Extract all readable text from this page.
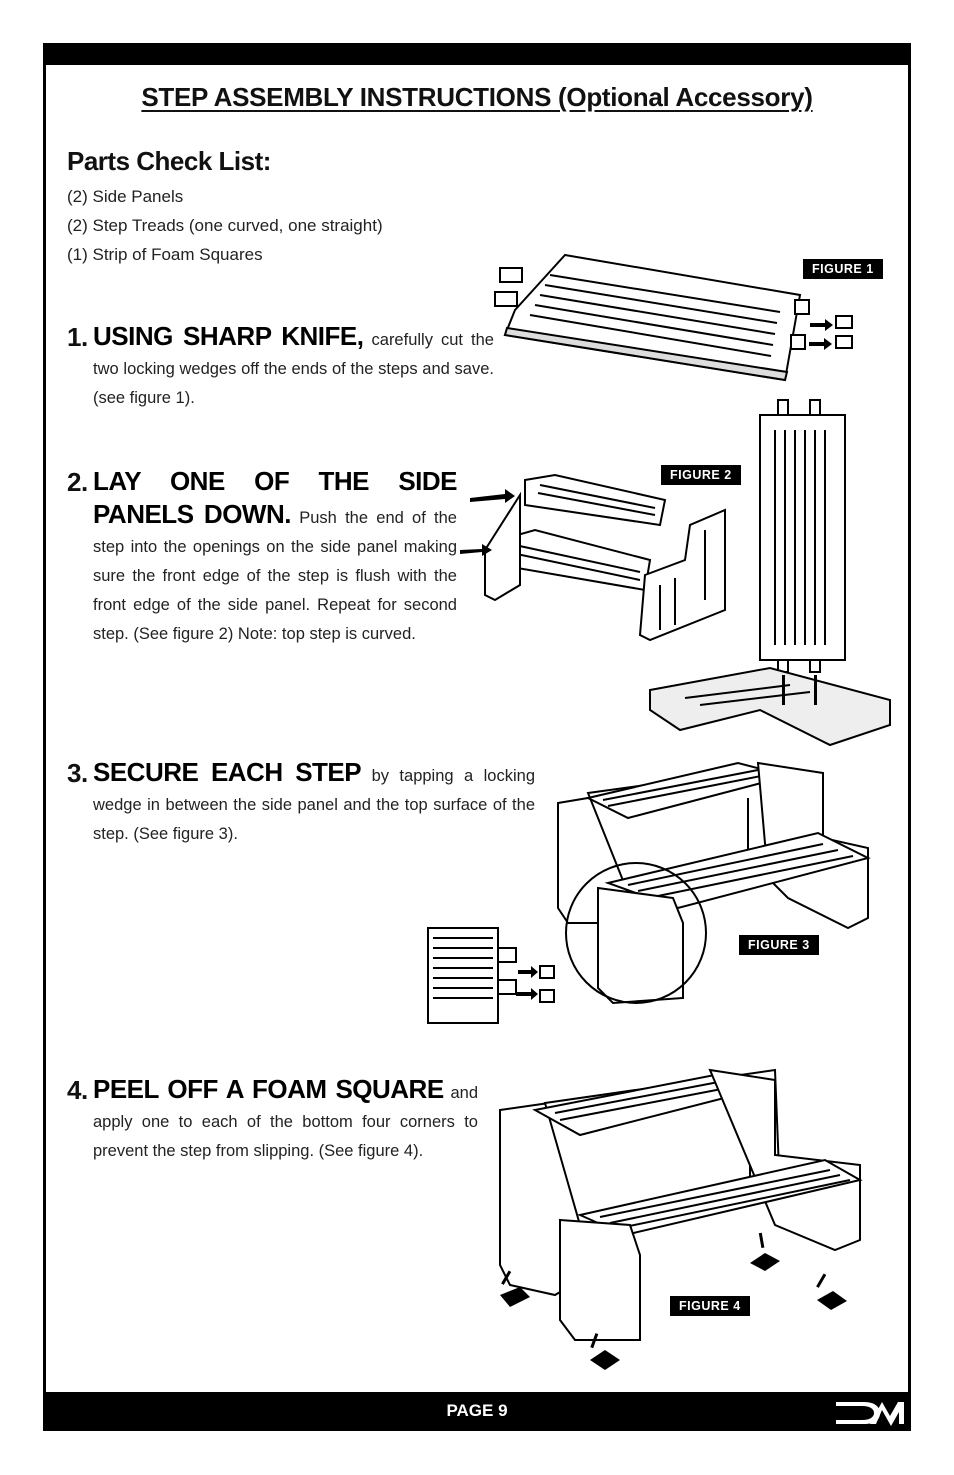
STEP ASSEMBLY INSTRUCTIONS (Optional Accessory)
Parts Check List:
(2) Side Panels
(2) Step Treads (one curved, one straight)
(1) Strip of Foam Squares
1. USING SHARP KNIFE, carefully cut the two locking wedges off the ends of the steps and save. (see figure 1).
2. LAY ONE OF THE SIDE PANELS DOWN. Push the end of the step into the openings on the side panel making sure the front edge of the step is flush with the front edge of the side panel. Repeat for second step. (See figure 2) Note: top step is curved.
3. SECURE EACH STEP by tapping a locking wedge in between the side panel and the top surface of the step. (See figure 3).
4. PEEL OFF A FOAM SQUARE and apply one to each of the bottom four corners to prevent the step from slipping. (See figure 4).
FIGURE 1
FIGURE 2
FIGURE 3
FIGURE 4
PAGE 9
